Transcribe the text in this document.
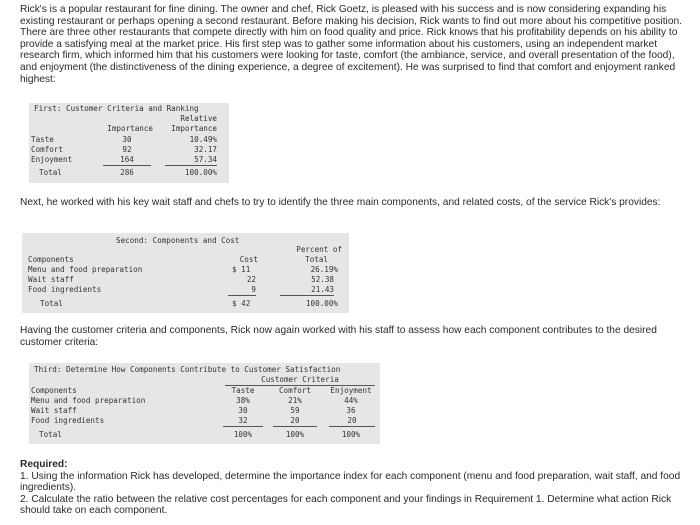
Rick's is a popular restaurant for fine dining. The owner and chef, Rick Goetz, is pleased with his success and is now considering expanding his existing restaurant or perhaps opening a second restaurant. Before making his decision, Rick wants to find out more about his competitive position. There are three other restaurants that compete directly with him on food quality and price. Rick knows that his profitability depends on his ability to provide a satisfying meal at the market price. His first step was to gather some information about his customers, using an independent market research firm, which informed him that his customers were looking for taste, comfort (the ambiance, service, and overall presentation of the food), and enjoyment (the distinctiveness of the dining experience, a degree of excitement). He was surprised to find that comfort and enjoyment ranked highest:

First: Customer Criteria and Ranking
Relative
Importance	Importance
Taste	30	10.49%
Comfort	92	32.17
Enjoyment	164	57.34
Total	286	100.00%

Next, he worked with his key wait staff and chefs to try to identify the three main components, and related costs, of the service Rick's provides:

Second: Components and Cost
Percent of
Cost	Total
Components
Menu and food preparation	$ 11	26.19%
Wait staff	22	52.38
Food ingredients	9	21.43
Total	$ 42	100.00%

Having the customer criteria and components, Rick now again worked with his staff to assess how each component contributes to the desired customer criteria:

Third: Determine How Components Contribute to Customer Satisfaction
Customer Criteria
Components	Taste	Comfort	Enjoyment
Menu and food preparation	38%	21%	44%
Wait staff	30	59	36
Food ingredients	32	20	20
Total	100%	100%	100%
Required:
1. Using the information Rick has developed, determine the importance index for each component (menu and food preparation, wait staff, and food ingredients).
2. Calculate the ratio between the relative cost percentages for each component and your findings in Requirement 1. Determine what action Rick should take on each component.
